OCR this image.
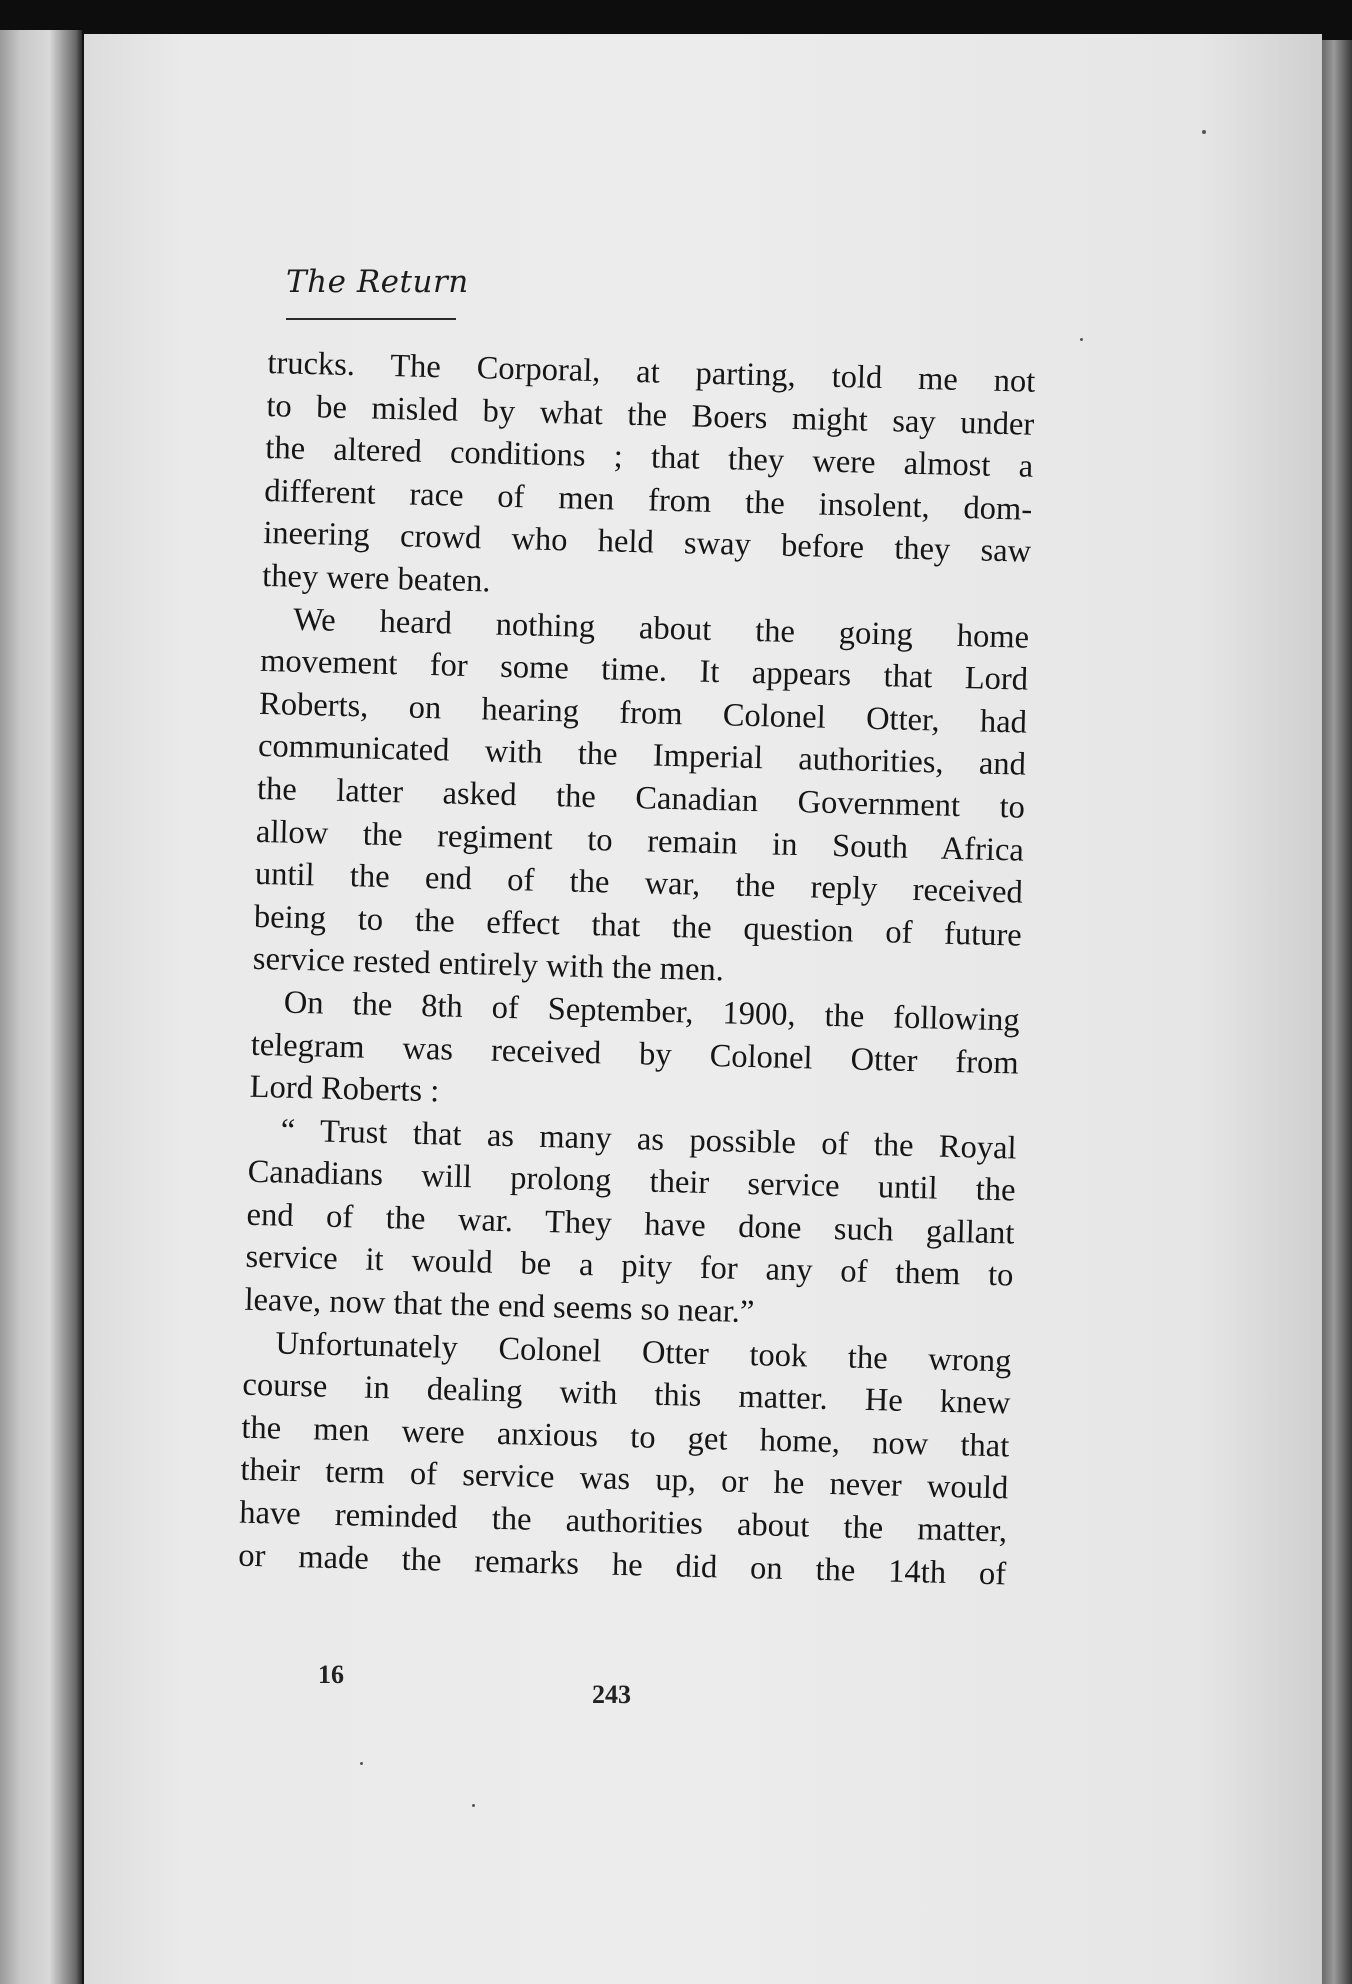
The Return
trucks. The Corporal, at parting, told me not
to be misled by what the Boers might say under
the altered conditions ; that they were almost a
different race of men from the insolent, dom-
ineering crowd who held sway before they saw
they were beaten.
We heard nothing about the going home
movement for some time. It appears that Lord
Roberts, on hearing from Colonel Otter, had
communicated with the Imperial authorities, and
the latter asked the Canadian Government to
allow the regiment to remain in South Africa
until the end of the war, the reply received
being to the effect that the question of future
service rested entirely with the men.
On the 8th of September, 1900, the following
telegram was received by Colonel Otter from
Lord Roberts :
“ Trust that as many as possible of the Royal
Canadians will prolong their service until the
end of the war. They have done such gallant
service it would be a pity for any of them to
leave, now that the end seems so near.”
Unfortunately Colonel Otter took the wrong
course in dealing with this matter. He knew
the men were anxious to get home, now that
their term of service was up, or he never would
have reminded the authorities about the matter,
or made the remarks he did on the 14th of
16
243
